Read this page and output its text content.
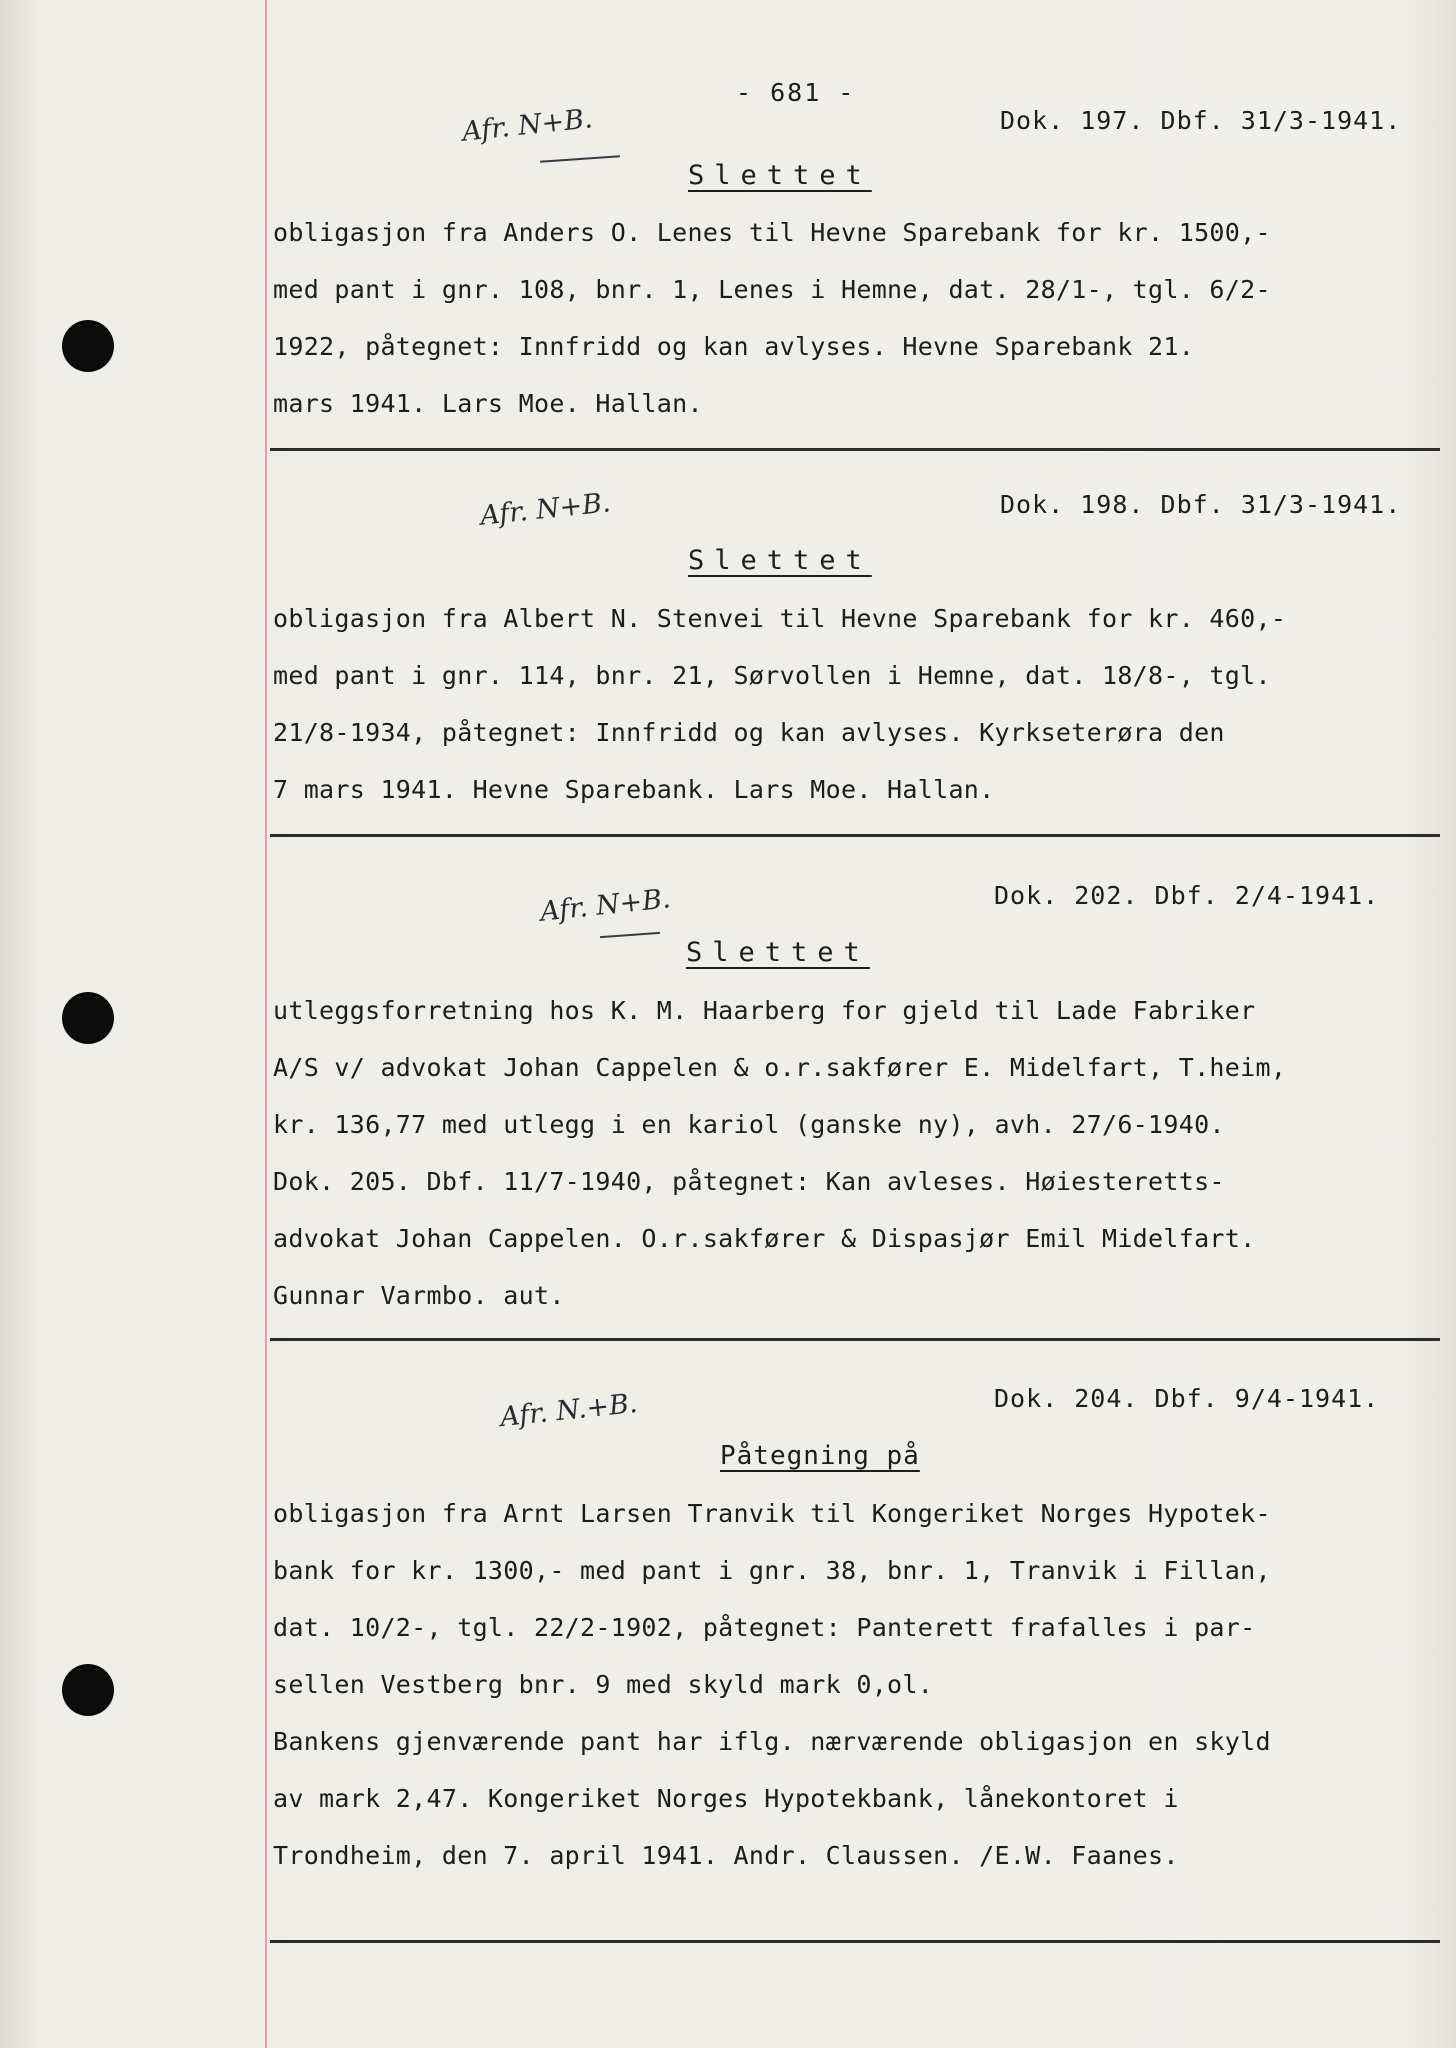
- 681 -
Dok. 197. Dbf. 31/3-1941.
Afr. N+B.
Slettet
obligasjon fra Anders O. Lenes til Hevne Sparebank for kr. 1500,-
med pant i gnr. 108, bnr. 1, Lenes i Hemne, dat. 28/1-, tgl. 6/2-
1922, påtegnet: Innfridd og kan avlyses. Hevne Sparebank 21.
mars 1941. Lars Moe. Hallan.
Dok. 198. Dbf. 31/3-1941.
Afr. N+B.
Slettet
obligasjon fra Albert N. Stenvei til Hevne Sparebank for kr. 460,-
med pant i gnr. 114, bnr. 21, Sørvollen i Hemne, dat. 18/8-, tgl.
21/8-1934, påtegnet: Innfridd og kan avlyses. Kyrkseterøra den
7 mars 1941. Hevne Sparebank. Lars Moe. Hallan.
Dok. 202. Dbf. 2/4-1941.
Afr. N+B.
Slettet
utleggsforretning hos K. M. Haarberg for gjeld til Lade Fabriker
A/S v/ advokat Johan Cappelen & o.r.sakfører E. Midelfart, T.heim,
kr. 136,77 med utlegg i en kariol (ganske ny), avh. 27/6-1940.
Dok. 205. Dbf. 11/7-1940, påtegnet: Kan avleses. Høiesteretts-
advokat Johan Cappelen. O.r.sakfører & Dispasjør Emil Midelfart.
Gunnar Varmbo. aut.
Dok. 204. Dbf. 9/4-1941.
Afr. N.+B.
Påtegning på
obligasjon fra Arnt Larsen Tranvik til Kongeriket Norges Hypotek-
bank for kr. 1300,- med pant i gnr. 38, bnr. 1, Tranvik i Fillan,
dat. 10/2-, tgl. 22/2-1902, påtegnet: Panterett frafalles i par-
sellen Vestberg bnr. 9 med skyld mark 0,ol.
Bankens gjenværende pant har iflg. nærværende obligasjon en skyld
av mark 2,47. Kongeriket Norges Hypotekbank, lånekontoret i
Trondheim, den 7. april 1941. Andr. Claussen. /E.W. Faanes.
